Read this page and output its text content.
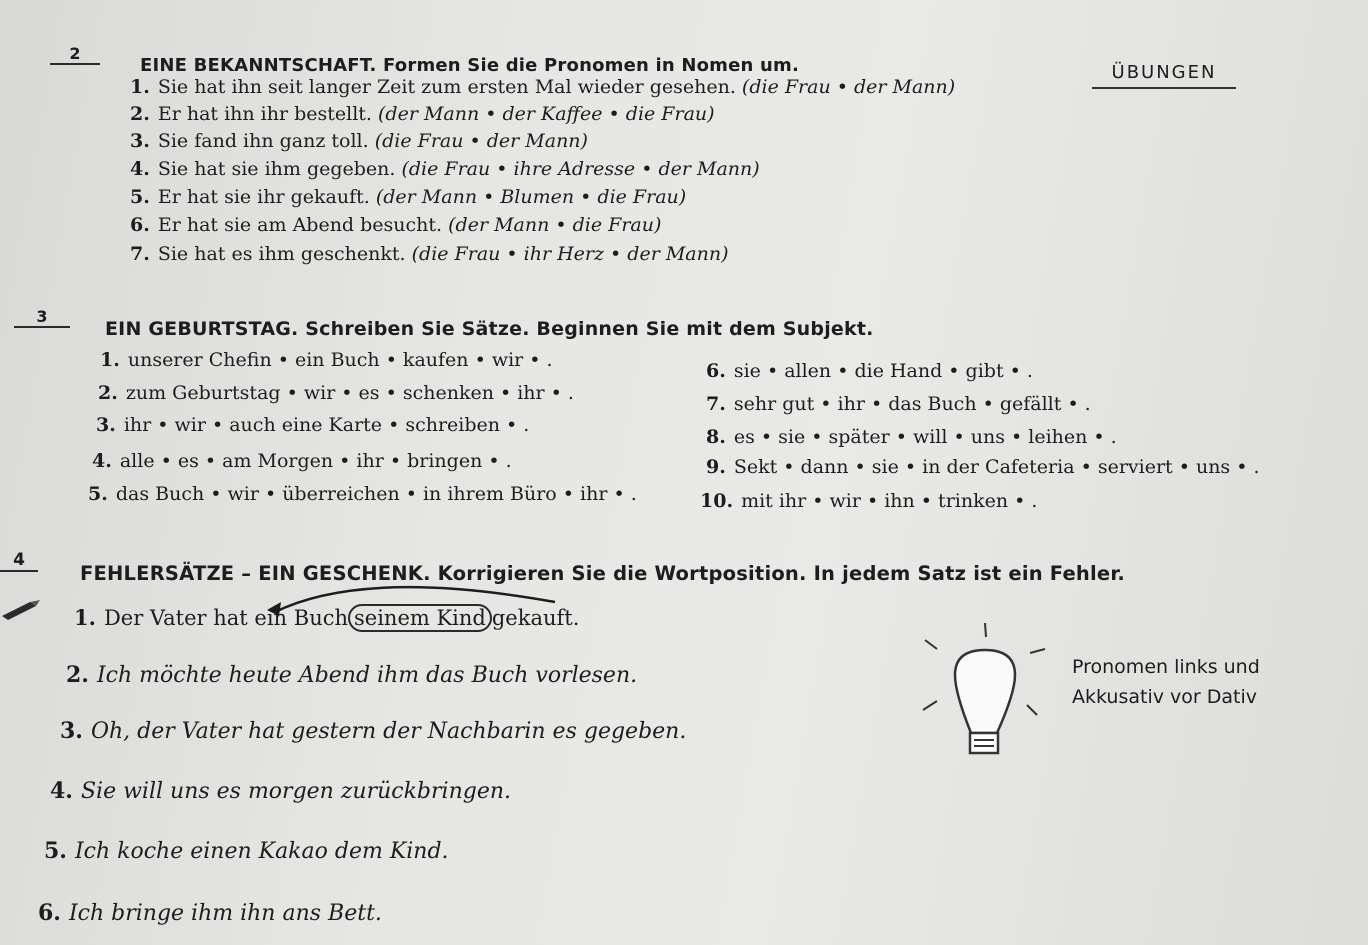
ÜBUNGEN
2
EINE BEKANNTSCHAFT. Formen Sie die Pronomen in Nomen um.
1. Sie hat ihn seit langer Zeit zum ersten Mal wieder gesehen. (die Frau • der Mann)
2. Er hat ihn ihr bestellt. (der Mann • der Kaffee • die Frau)
3. Sie fand ihn ganz toll. (die Frau • der Mann)
4. Sie hat sie ihm gegeben. (die Frau • ihre Adresse • der Mann)
5. Er hat sie ihr gekauft. (der Mann • Blumen • die Frau)
6. Er hat sie am Abend besucht. (der Mann • die Frau)
7. Sie hat es ihm geschenkt. (die Frau • ihr Herz • der Mann)
3
EIN GEBURTSTAG. Schreiben Sie Sätze. Beginnen Sie mit dem Subjekt.
1. unserer Chefin • ein Buch • kaufen • wir • .
2. zum Geburtstag • wir • es • schenken • ihr • .
3. ihr • wir • auch eine Karte • schreiben • .
4. alle • es • am Morgen • ihr • bringen • .
5. das Buch • wir • überreichen • in ihrem Büro • ihr • .
6. sie • allen • die Hand • gibt • .
7. sehr gut • ihr • das Buch • gefällt • .
8. es • sie • später • will • uns • leihen • .
9. Sekt • dann • sie • in der Cafeteria • serviert • uns • .
10. mit ihr • wir • ihn • trinken • .
4
FEHLERSÄTZE – EIN GESCHENK. Korrigieren Sie die Wortposition. In jedem Satz ist ein Fehler.
1. Der Vater hat ein Buch seinem Kind gekauft.
2. Ich möchte heute Abend ihm das Buch vorlesen.
3. Oh, der Vater hat gestern der Nachbarin es gegeben.
4. Sie will uns es morgen zurückbringen.
5. Ich koche einen Kakao dem Kind.
6. Ich bringe ihm ihn ans Bett.
Pronomen links und
Akkusativ vor Dativ
